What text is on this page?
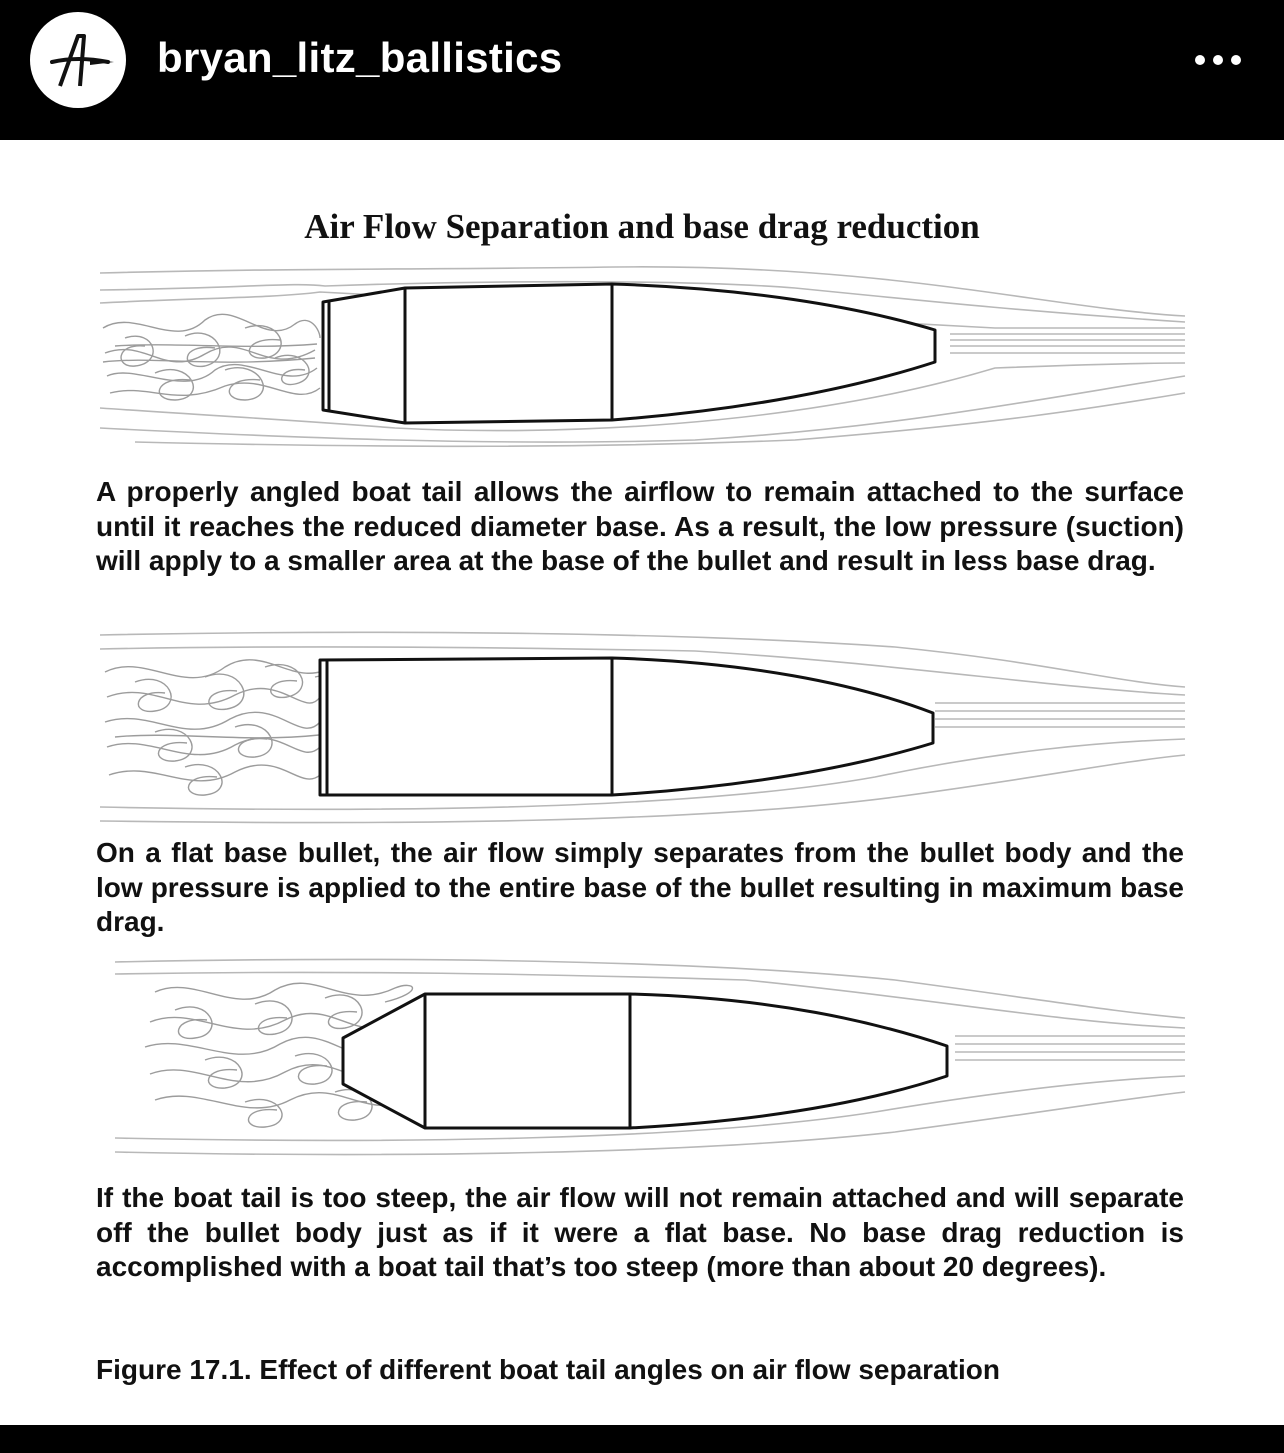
bryan_litz_ballistics
Air Flow Separation and base drag reduction
A properly angled boat tail allows the airflow to remain attached to the surface until it reaches the reduced diameter base. As a result, the low pressure (suction) will apply to a smaller area at the base of the bullet and result in less base drag.
On a flat base bullet, the air flow simply separates from the bullet body and the low pressure is applied to the entire base of the bullet resulting in maximum base drag.
If the boat tail is too steep, the air flow will not remain attached and will separate off the bullet body just as if it were a flat base. No base drag reduction is accomplished with a boat tail that’s too steep (more than about 20 degrees).
Figure 17.1. Effect of different boat tail angles on air flow separation
